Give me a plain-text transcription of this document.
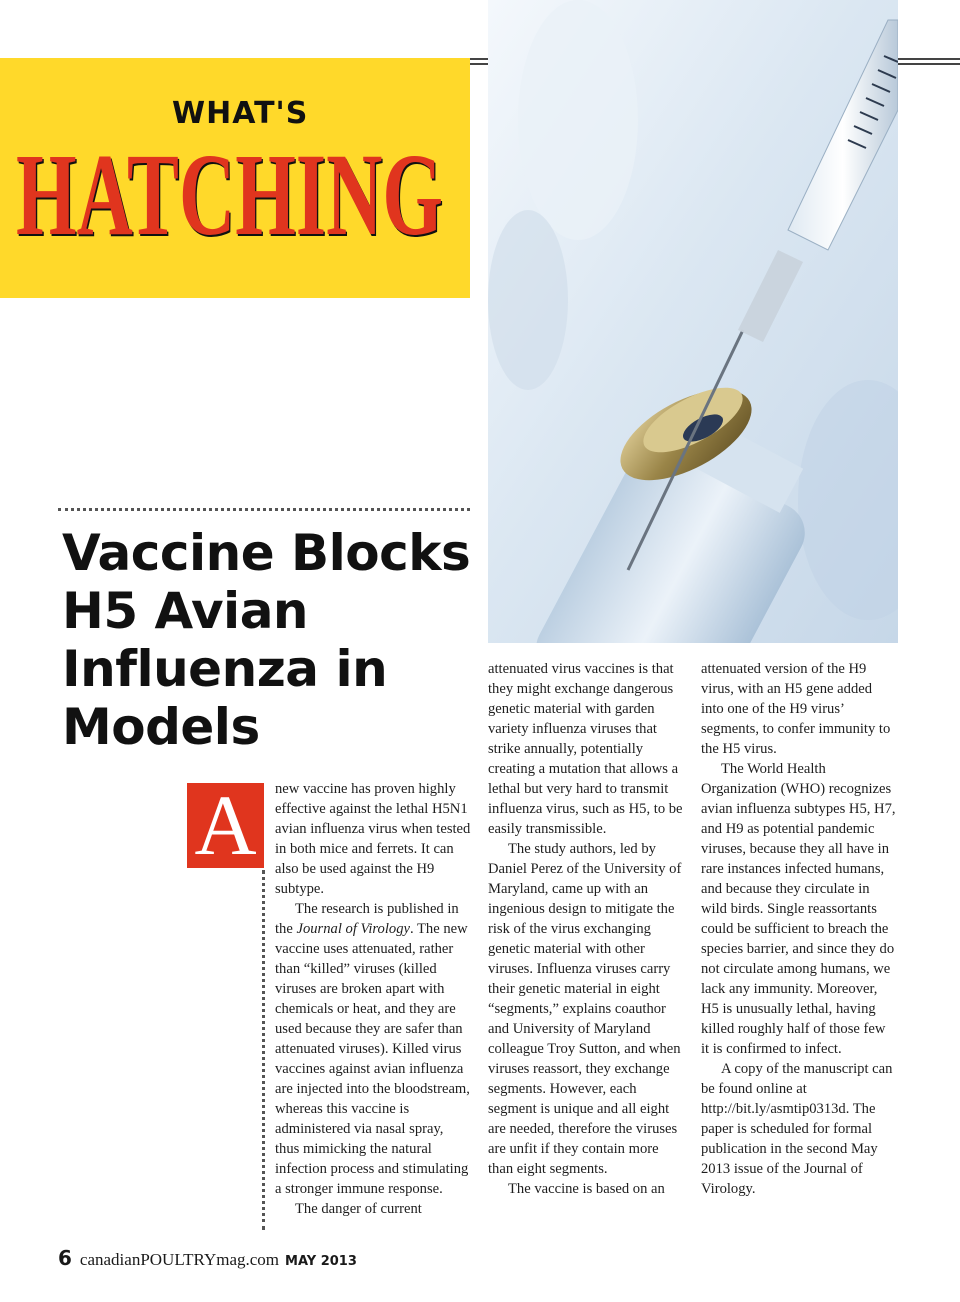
WHAT'S
HATCHING
Vaccine Blocks H5 Avian Influenza in Models
A	new vaccine has proven highly effective against the lethal H5N1 avian influenza virus when tested in both mice and ferrets. It can also be used against the H9 subtype.

The research is published in the Journal of Virology. The new vaccine uses attenuated, rather than “killed” viruses (killed viruses are broken apart with chemicals or heat, and they are used because they are safer than attenuated viruses). Killed virus vaccines against avian influenza are injected into the bloodstream, whereas this vaccine is administered via nasal spray, thus mimicking the natural infection process and stimulating a stronger immune response.

The danger of current

attenuated virus vaccines is that they might exchange dangerous genetic material with garden variety influenza viruses that strike annually, potentially creating a mutation that allows a lethal but very hard to transmit influenza virus, such as H5, to be easily transmissible.

The study authors, led by Daniel Perez of the University of Maryland, came up with an ingenious design to mitigate the risk of the virus exchanging genetic material with other viruses. Influenza viruses carry their genetic material in eight “segments,” explains coauthor and University of Maryland colleague Troy Sutton, and when viruses reassort, they exchange segments. However, each segment is unique and all eight are needed, therefore the viruses are unfit if they contain more than eight segments.

The vaccine is based on an

attenuated version of the H9 virus, with an H5 gene added into one of the H9 virus’ segments, to confer immunity to the H5 virus.

The World Health Organization (WHO) recognizes avian influenza subtypes H5, H7, and H9 as potential pandemic viruses, because they all have in rare instances infected humans, and because they circulate in wild birds. Single reassortants could be sufficient to breach the species barrier, and since they do not circulate among humans, we lack any immunity. Moreover, H5 is unusually lethal, having killed roughly half of those few it is confirmed to infect.

A copy of the manuscript can be found online at http://bit.ly/asmtip0313d. The paper is scheduled for formal publication in the second May 2013 issue of the Journal of Virology.

6 canadianPOULTRYmag.com MAY 2013
